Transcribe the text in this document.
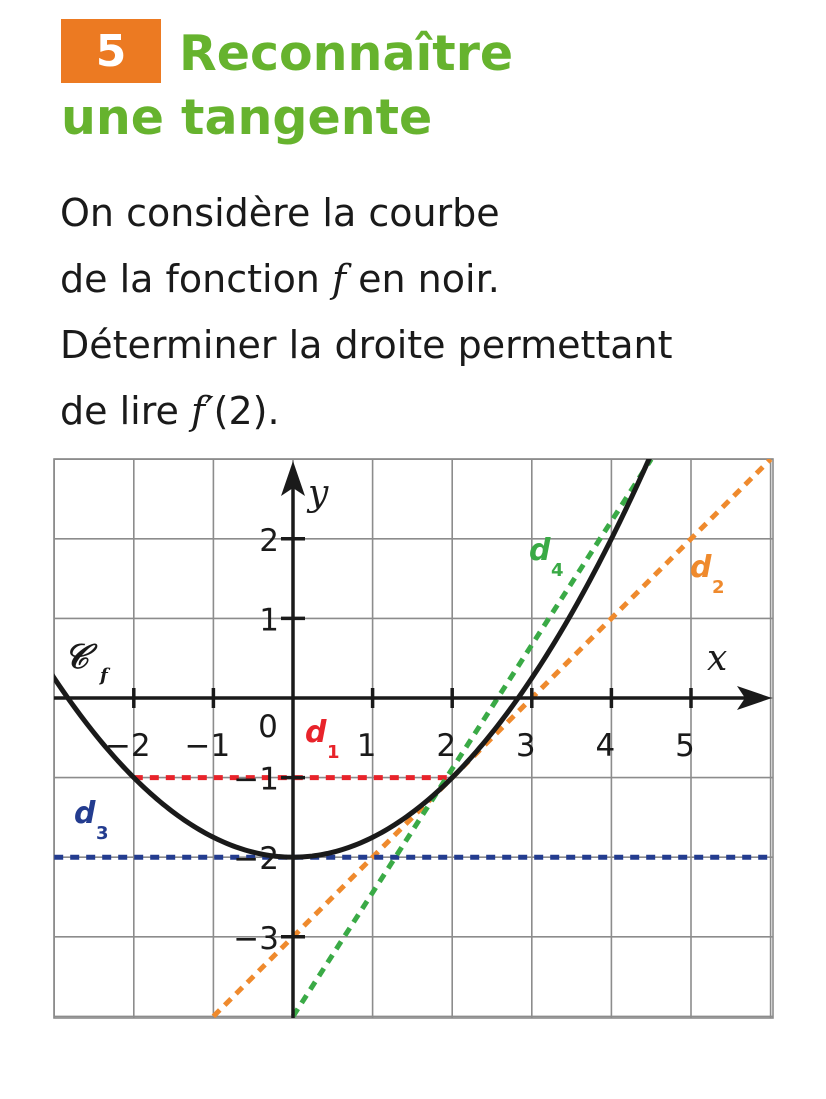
5	Reconnaître
une tangente
On considère la courbe
de la fonction f en noir.
Déterminer la droite permettant
de lire f′(2).
x
y
0
−2 −1	1 2 3 4 5
2
1
−1
−2
−3
𝒞 f
d
1
d
2
d
3
d
4
